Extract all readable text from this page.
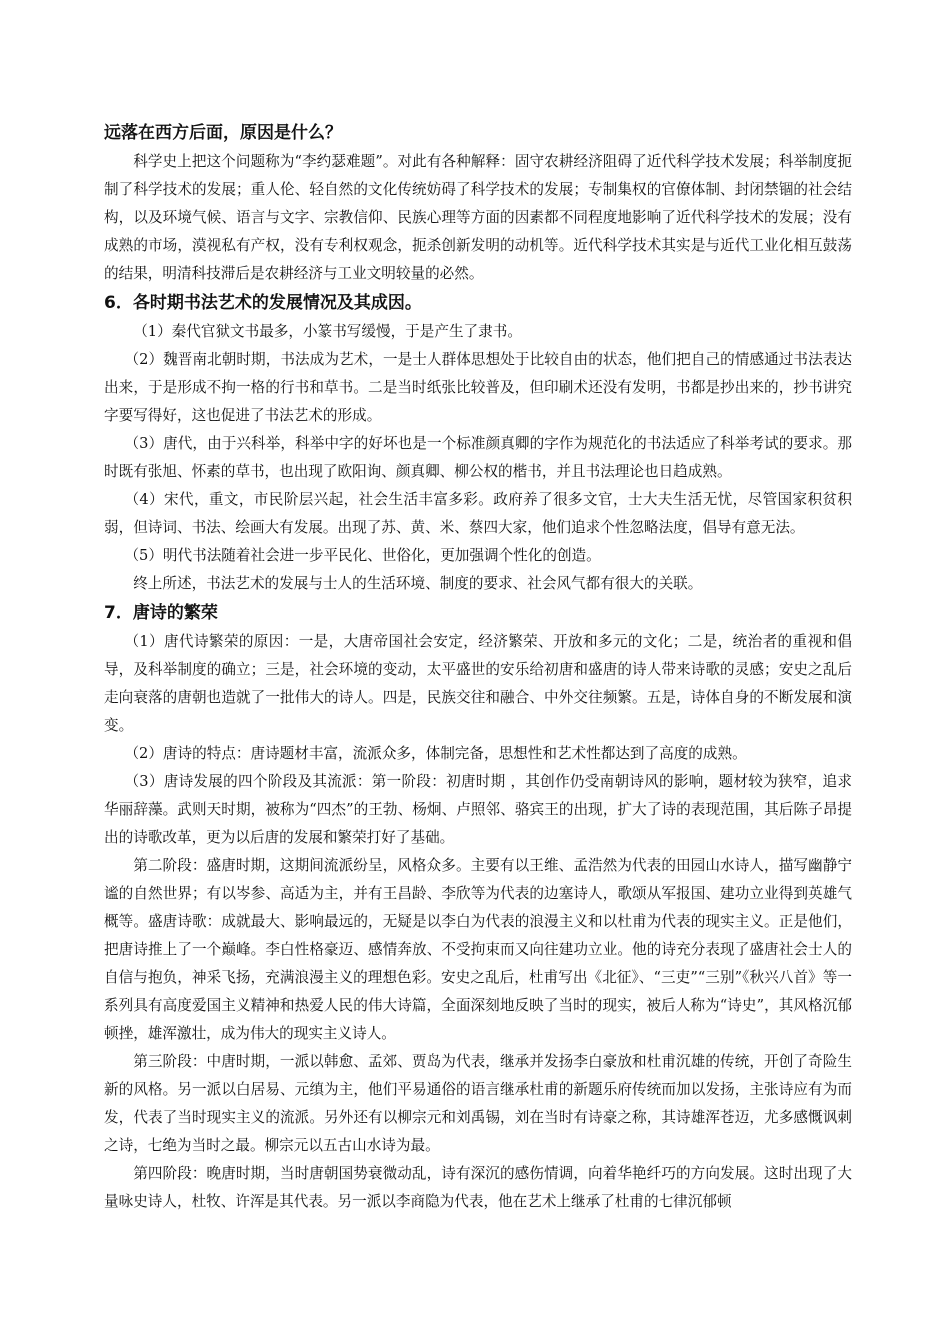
远落在西方后面，原因是什么？

科学史上把这个问题称为“李约瑟难题”。对此有各种解释：固守农耕经济阻碍了近代科学技术发展；科举制度扼制了科学技术的发展；重人伦、轻自然的文化传统妨碍了科学技术的发展；专制集权的官僚体制、封闭禁锢的社会结构，以及环境气候、语言与文字、宗教信仰、民族心理等方面的因素都不同程度地影响了近代科学技术的发展；没有成熟的市场，漠视私有产权，没有专利权观念，扼杀创新发明的动机等。近代科学技术其实是与近代工业化相互鼓荡的结果，明清科技滞后是农耕经济与工业文明较量的必然。

6．各时期书法艺术的发展情况及其成因。

（1）秦代官狱文书最多，小篆书写缓慢，于是产生了隶书。

（2）魏晋南北朝时期，书法成为艺术，一是士人群体思想处于比较自由的状态，他们把自己的情感通过书法表达出来，于是形成不拘一格的行书和草书。二是当时纸张比较普及，但印刷术还没有发明，书都是抄出来的，抄书讲究字要写得好，这也促进了书法艺术的形成。

（3）唐代，由于兴科举，科举中字的好坏也是一个标准颜真卿的字作为规范化的书法适应了科举考试的要求。那时既有张旭、怀素的草书，也出现了欧阳询、颜真卿、柳公权的楷书，并且书法理论也日趋成熟。

（4）宋代，重文，市民阶层兴起，社会生活丰富多彩。政府养了很多文官，士大夫生活无忧，尽管国家积贫积弱，但诗词、书法、绘画大有发展。出现了苏、黄、米、蔡四大家，他们追求个性忽略法度，倡导有意无法。

（5）明代书法随着社会进一步平民化、世俗化，更加强调个性化的创造。

终上所述，书法艺术的发展与士人的生活环境、制度的要求、社会风气都有很大的关联。

7．唐诗的繁荣

（1）唐代诗繁荣的原因：一是，大唐帝国社会安定，经济繁荣、开放和多元的文化；二是，统治者的重视和倡导，及科举制度的确立；三是，社会环境的变动，太平盛世的安乐给初唐和盛唐的诗人带来诗歌的灵感；安史之乱后走向衰落的唐朝也造就了一批伟大的诗人。四是，民族交往和融合、中外交往频繁。五是，诗体自身的不断发展和演变。

（2）唐诗的特点：唐诗题材丰富，流派众多，体制完备，思想性和艺术性都达到了高度的成熟。

（3）唐诗发展的四个阶段及其流派：第一阶段：初唐时期 ，其创作仍受南朝诗风的影响，题材较为狭窄，追求华丽辞藻。武则天时期，被称为“四杰”的王勃、杨炯、卢照邻、骆宾王的出现，扩大了诗的表现范围，其后陈子昂提出的诗歌改革，更为以后唐的发展和繁荣打好了基础。

第二阶段：盛唐时期，这期间流派纷呈，风格众多。主要有以王维、孟浩然为代表的田园山水诗人，描写幽静宁谧的自然世界；有以岑参、高适为主，并有王昌龄、李欣等为代表的边塞诗人，歌颂从军报国、建功立业得到英雄气概等。盛唐诗歌：成就最大、影响最远的，无疑是以李白为代表的浪漫主义和以杜甫为代表的现实主义。正是他们，把唐诗推上了一个巅峰。李白性格豪迈、感情奔放、不受拘束而又向往建功立业。他的诗充分表现了盛唐社会士人的自信与抱负，神采飞扬，充满浪漫主义的理想色彩。安史之乱后，杜甫写出《北征》、“三吏”“三别”《秋兴八首》等一系列具有高度爱国主义精神和热爱人民的伟大诗篇，全面深刻地反映了当时的现实，被后人称为“诗史”，其风格沉郁顿挫，雄浑激壮，成为伟大的现实主义诗人。

第三阶段：中唐时期，一派以韩愈、孟郊、贾岛为代表，继承并发扬李白豪放和杜甫沉雄的传统，开创了奇险生新的风格。另一派以白居易、元缜为主，他们平易通俗的语言继承杜甫的新题乐府传统而加以发扬，主张诗应有为而发，代表了当时现实主义的流派。另外还有以柳宗元和刘禹锡，刘在当时有诗豪之称，其诗雄浑苍迈，尤多感慨讽刺之诗，七绝为当时之最。柳宗元以五古山水诗为最。

第四阶段：晚唐时期，当时唐朝国势衰微动乱，诗有深沉的感伤情调，向着华艳纤巧的方向发展。这时出现了大量咏史诗人，杜牧、许浑是其代表。另一派以李商隐为代表，他在艺术上继承了杜甫的七律沉郁顿
